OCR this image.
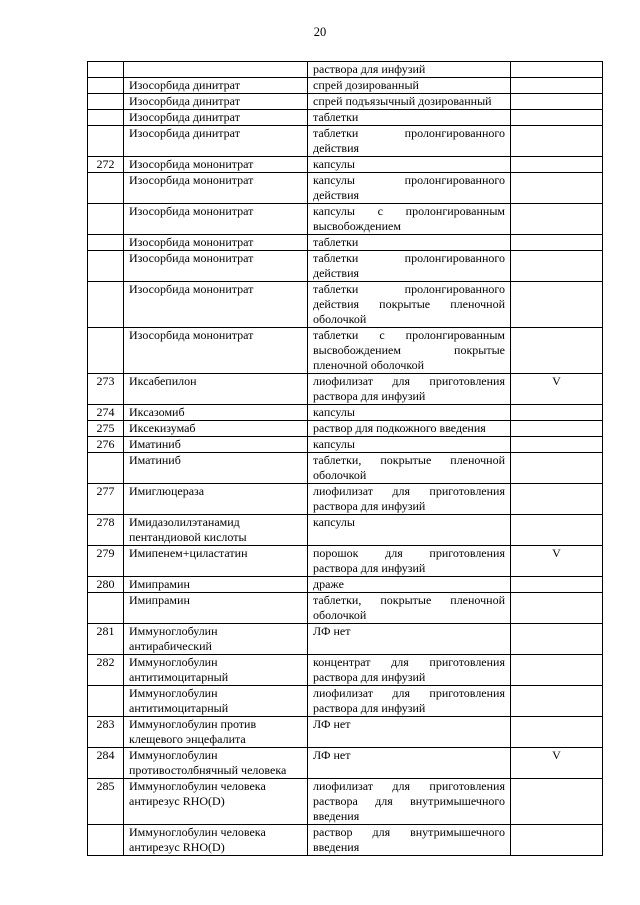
20
		раствора для инфузий	
	Изосорбида динитрат	спрей дозированный	
	Изосорбида динитрат	спрей подъязычный дозированный	
	Изосорбида динитрат	таблетки	
	Изосорбида динитрат	таблетки пролонгированного действия	
272	Изосорбида мононитрат	капсулы	
	Изосорбида мононитрат	капсулы пролонгированного действия	
	Изосорбида мононитрат	капсулы с пролонгированным высвобождением	
	Изосорбида мононитрат	таблетки	
	Изосорбида мононитрат	таблетки пролонгированного действия	
	Изосорбида мононитрат	таблетки пролонгированного действия покрытые пленочной оболочкой	
	Изосорбида мононитрат	таблетки с пролонгированным высвобождением покрытые пленочной оболочкой	
273	Иксабепилон	лиофилизат для приготовления раствора для инфузий	V
274	Иксазомиб	капсулы	
275	Иксекизумаб	раствор для подкожного введения	
276	Иматиниб	капсулы	
	Иматиниб	таблетки, покрытые пленочной оболочкой	
277	Имиглюцераза	лиофилизат для приготовления раствора для инфузий	
278	Имидазолилэтанамид пентандиовой кислоты	капсулы	
279	Имипенем+циластатин	порошок для приготовления раствора для инфузий	V
280	Имипрамин	драже	
	Имипрамин	таблетки, покрытые пленочной оболочкой	
281	Иммуноглобулин антирабический	ЛФ нет	
282	Иммуноглобулин антитимоцитарный	концентрат для приготовления раствора для инфузий	
	Иммуноглобулин антитимоцитарный	лиофилизат для приготовления раствора для инфузий	
283	Иммуноглобулин против клещевого энцефалита	ЛФ нет	
284	Иммуноглобулин противостолбнячный человека	ЛФ нет	V
285	Иммуноглобулин человека антирезус RHO(D)	лиофилизат для приготовления раствора для внутримышечного введения	
	Иммуноглобулин человека антирезус RHO(D)	раствор для внутримышечного введения	
